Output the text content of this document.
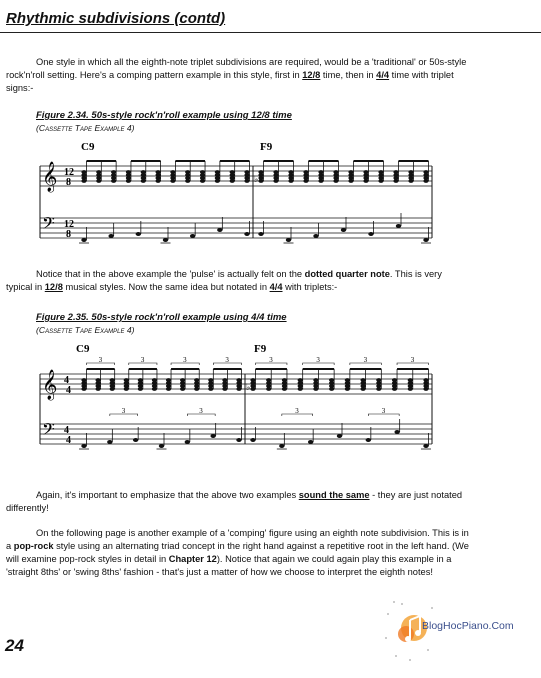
Rhythmic subdivisions (contd)
One style in which all the eighth-note triplet subdivisions are required, would be a 'traditional' or 50s-style
rock'n'roll setting. Here's a comping pattern example in this style, first in 12/8 time, then in 4/4 time with triplet
signs:-
Figure 2.34. 50s-style rock'n'roll example using 12/8 time
(Cassette Tape Example 4)
C9	F9
𝄞
𝄢
12
8
12
8
♭
Notice that in the above example the 'pulse' is actually felt on the dotted quarter note. This is very
typical in 12/8 musical styles. Now the same idea but notated in 4/4 with triplets:-
Figure 2.35. 50s-style rock'n'roll example using 4/4 time
(Cassette Tape Example 4)
C9	F9
𝄞
𝄢
4
4
4
4
3	3	3	3
3	3
3	3	3	3
3	3
♭
Again, it's important to emphasize that the above two examples sound the same - they are just notated
differently!
On the following page is another example of a 'comping' figure using an eighth note subdivision. This is in
a pop-rock style using an alternating triad concept in the right hand against a repetitive root in the left hand. (We
will examine pop-rock styles in detail in Chapter 12). Notice that again we could again play this example in a
'straight 8ths' or 'swing 8ths' fashion - that's just a matter of how we choose to interpret the eighth notes!
BlogHocPiano.Com
24
